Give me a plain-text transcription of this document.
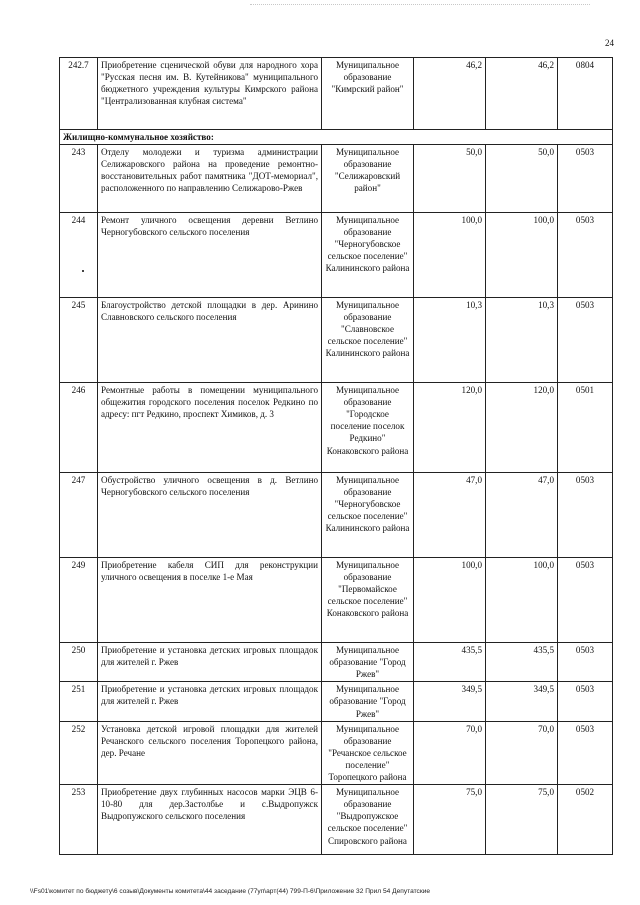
24
242.7	Приобретение сценической обуви для народного хора "Русская песня им. В. Кутейникова" муниципального бюджетного учреждения культуры Кимрского района "Централизованная клубная система"	Муниципальное образование "Кимрский район"	46,2	46,2	0804
Жилищно-коммунальное хозяйство:					
243	Отделу молодежи и туризма администрации Селижаровского района на проведение ремонтно-восстановительных работ памятника "ДОТ-мемориал", расположенного по направлению Селижарово-Ржев	Муниципальное образование "Селижаровский район"	50,0	50,0	0503
244	Ремонт уличного освещения деревни Ветлино Черногубовского сельского поселения	Муниципальное образование "Черногубовское сельское поселение" Калининского района	100,0	100,0	0503
245	Благоустройство детской площадки в дер. Аринино Славновского сельского поселения	Муниципальное образование "Славновское сельское поселение" Калининского района	10,3	10,3	0503
246	Ремонтные работы в помещении муниципального общежития городского поселения поселок Редкино по адресу: пгт Редкино, проспект Химиков, д. 3	Муниципальное образование "Городское поселение поселок Редкино" Конаковского района	120,0	120,0	0501
247	Обустройство уличного освещения в д. Ветлино Черногубовского сельского поселения	Муниципальное образование "Черногубовское сельское поселение" Калининского района	47,0	47,0	0503
249	Приобретение кабеля СИП для реконструкции уличного освещения в поселке 1-е Мая	Муниципальное образование "Первомайское сельское поселение" Конаковского района	100,0	100,0	0503
250	Приобретение и установка детских игровых площадок для жителей г. Ржев	Муниципальное образование "Город Ржев"	435,5	435,5	0503
251	Приобретение и установка детских игровых площадок для жителей г. Ржев	Муниципальное образование "Город Ржев"	349,5	349,5	0503
252	Установка детской игровой площадки для жителей Речанского сельского поселения Торопецкого района, дер. Речане	Муниципальное образование "Речанское сельское поселение" Торопецкого района	70,0	70,0	0503
253	Приобретение двух глубинных насосов марки ЭЦВ 6-10-80 для дер.Застолбье и с.Выдропужск Выдропужского сельского поселения	Муниципальное образование "Выдропужское сельское поселение" Спировского района	75,0	75,0	0502
\\Fs01\комитет по бюджету\6 созыв\Документы комитета\44 заседание (77уп\арт(44) 799-П-6\Приложение 32 Прил 54 Депутатские
